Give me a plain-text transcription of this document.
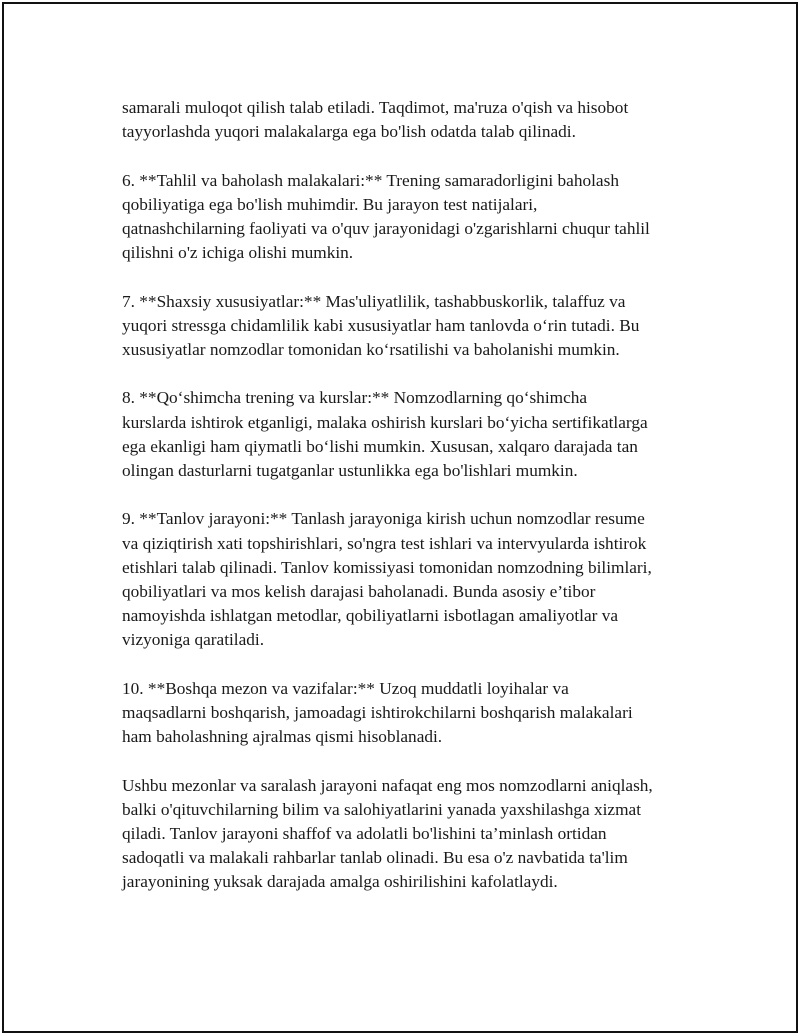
samarali muloqot qilish talab etiladi. Taqdimot, ma'ruza o'qish va hisobot
tayyorlashda yuqori malakalarga ega bo'lish odatda talab qilinadi.

6. **Tahlil va baholash malakalari:** Trening samaradorligini baholash
qobiliyatiga ega bo'lish muhimdir. Bu jarayon test natijalari,
qatnashchilarning faoliyati va o'quv jarayonidagi o'zgarishlarni chuqur tahlil
qilishni o'z ichiga olishi mumkin.

7. **Shaxsiy xususiyatlar:** Mas'uliyatlilik, tashabbuskorlik, talaffuz va
yuqori stressga chidamlilik kabi xususiyatlar ham tanlovda o‘rin tutadi. Bu
xususiyatlar nomzodlar tomonidan ko‘rsatilishi va baholanishi mumkin.

8. **Qo‘shimcha trening va kurslar:** Nomzodlarning qo‘shimcha
kurslarda ishtirok etganligi, malaka oshirish kurslari bo‘yicha sertifikatlarga
ega ekanligi ham qiymatli bo‘lishi mumkin. Xususan, xalqaro darajada tan
olingan dasturlarni tugatganlar ustunlikka ega bo'lishlari mumkin.

9. **Tanlov jarayoni:** Tanlash jarayoniga kirish uchun nomzodlar resume
va qiziqtirish xati topshirishlari, so'ngra test ishlari va intervyularda ishtirok
etishlari talab qilinadi. Tanlov komissiyasi tomonidan nomzodning bilimlari,
qobiliyatlari va mos kelish darajasi baholanadi. Bunda asosiy e’tibor
namoyishda ishlatgan metodlar, qobiliyatlarni isbotlagan amaliyotlar va
vizyoniga qaratiladi.

10. **Boshqa mezon va vazifalar:** Uzoq muddatli loyihalar va
maqsadlarni boshqarish, jamoadagi ishtirokchilarni boshqarish malakalari
ham baholashning ajralmas qismi hisoblanadi.

Ushbu mezonlar va saralash jarayoni nafaqat eng mos nomzodlarni aniqlash,
balki o'qituvchilarning bilim va salohiyatlarini yanada yaxshilashga xizmat
qiladi. Tanlov jarayoni shaffof va adolatli bo'lishini ta’minlash ortidan
sadoqatli va malakali rahbarlar tanlab olinadi. Bu esa o'z navbatida ta'lim
jarayonining yuksak darajada amalga oshirilishini kafolatlaydi.
